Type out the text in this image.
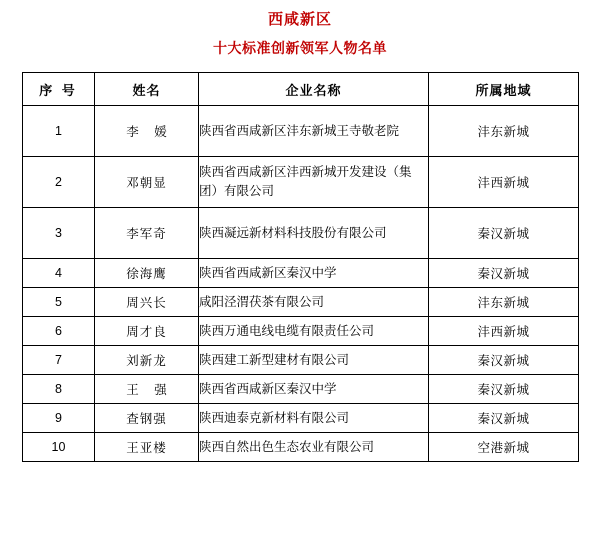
西咸新区
十大标准创新领军人物名单
序 号	姓名	企业名称	所属地域
1	李 媛	陕西省西咸新区沣东新城王寺敬老院	沣东新城
2	邓朝显	陕西省西咸新区沣西新城开发建设（集团）有限公司	沣西新城
3	李军奇	陕西凝远新材料科技股份有限公司	秦汉新城
4	徐海鹰	陕西省西咸新区秦汉中学	秦汉新城
5	周兴长	咸阳泾渭茯茶有限公司	沣东新城
6	周才良	陕西万通电线电缆有限责任公司	沣西新城
7	刘新龙	陕西建工新型建材有限公司	秦汉新城
8	王 强	陕西省西咸新区秦汉中学	秦汉新城
9	查钢强	陕西迪泰克新材料有限公司	秦汉新城
10	王亚楼	陕西自然出色生态农业有限公司	空港新城
